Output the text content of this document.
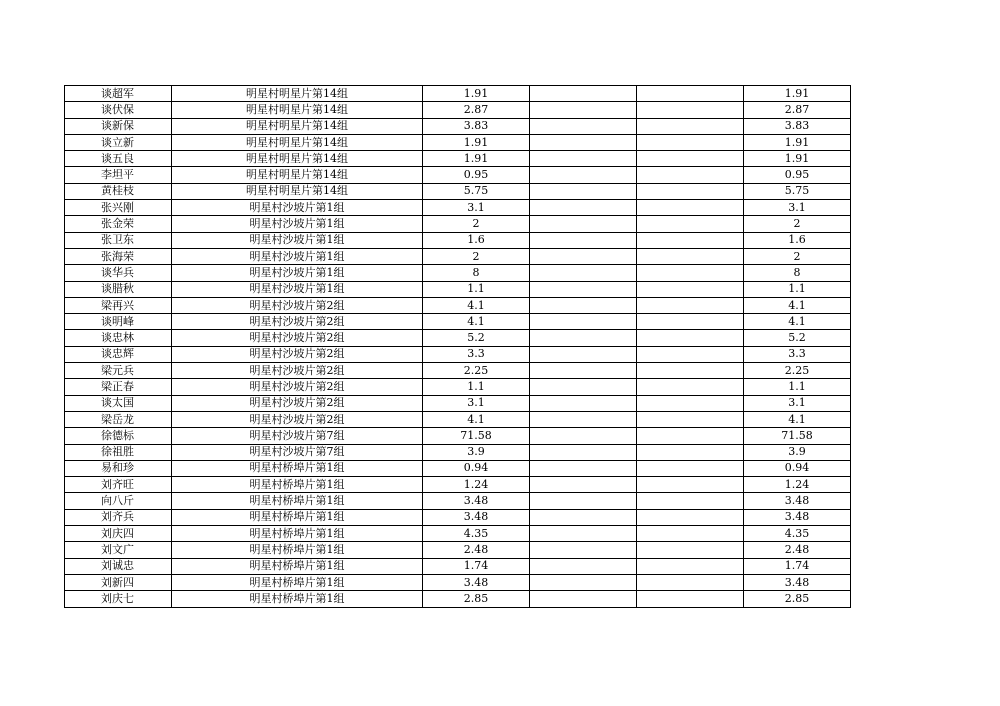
谈超军	明星村明星片第14组	1.91			1.91
谈伏保	明星村明星片第14组	2.87			2.87
谈新保	明星村明星片第14组	3.83			3.83
谈立新	明星村明星片第14组	1.91			1.91
谈五良	明星村明星片第14组	1.91			1.91
李坦平	明星村明星片第14组	0.95			0.95
黄桂枝	明星村明星片第14组	5.75			5.75
张兴刚	明星村沙坡片第1组	3.1			3.1
张金荣	明星村沙坡片第1组	2			2
张卫东	明星村沙坡片第1组	1.6			1.6
张海荣	明星村沙坡片第1组	2			2
谈华兵	明星村沙坡片第1组	8			8
谈腊秋	明星村沙坡片第1组	1.1			1.1
梁再兴	明星村沙坡片第2组	4.1			4.1
谈明峰	明星村沙坡片第2组	4.1			4.1
谈忠林	明星村沙坡片第2组	5.2			5.2
谈忠辉	明星村沙坡片第2组	3.3			3.3
梁元兵	明星村沙坡片第2组	2.25			2.25
梁正春	明星村沙坡片第2组	1.1			1.1
谈太国	明星村沙坡片第2组	3.1			3.1
梁岳龙	明星村沙坡片第2组	4.1			4.1
徐德标	明星村沙坡片第7组	71.58			71.58
徐祖胜	明星村沙坡片第7组	3.9			3.9
易和珍	明星村桥埠片第1组	0.94			0.94
刘齐旺	明星村桥埠片第1组	1.24			1.24
向八斤	明星村桥埠片第1组	3.48			3.48
刘齐兵	明星村桥埠片第1组	3.48			3.48
刘庆四	明星村桥埠片第1组	4.35			4.35
刘文广	明星村桥埠片第1组	2.48			2.48
刘诚忠	明星村桥埠片第1组	1.74			1.74
刘新四	明星村桥埠片第1组	3.48			3.48
刘庆七	明星村桥埠片第1组	2.85			2.85
